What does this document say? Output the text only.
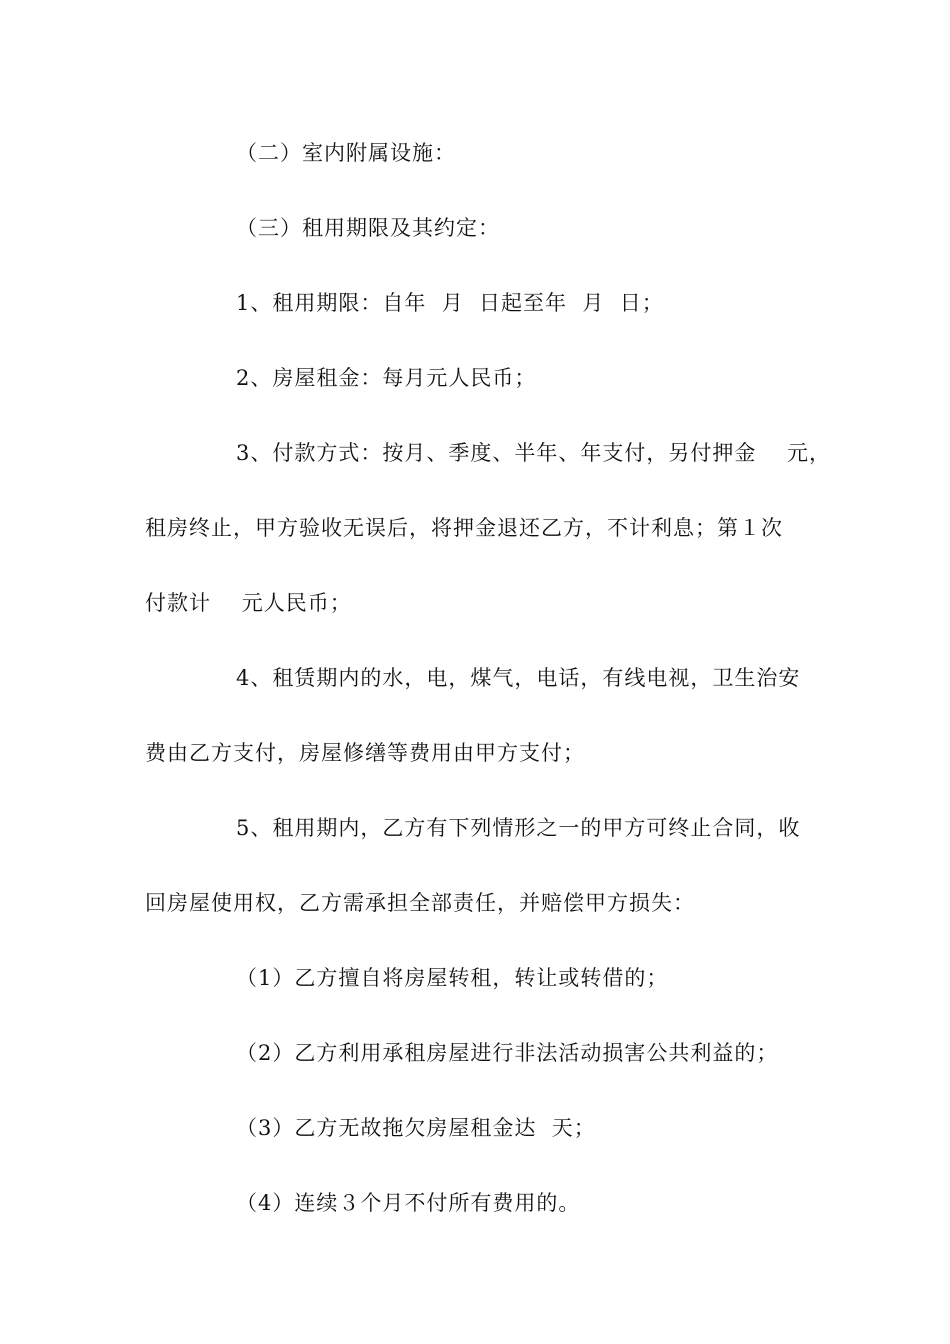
（二）室内附属设施：
（三）租用期限及其约定：
1、租用期限：自年  月  日起至年  月  日；
2、房屋租金：每月元人民币；
3、付款方式：按月、季度、半年、年支付，另付押金    元，
租房终止，甲方验收无误后，将押金退还乙方，不计利息；第１次
付款计    元人民币；
4、租赁期内的水，电，煤气，电话，有线电视，卫生治安
费由乙方支付，房屋修缮等费用由甲方支付；
5、租用期内，乙方有下列情形之一的甲方可终止合同，收
回房屋使用权，乙方需承担全部责任，并赔偿甲方损失：
（1）乙方擅自将房屋转租，转让或转借的；
（2）乙方利用承租房屋进行非法活动损害公共利益的；
（3）乙方无故拖欠房屋租金达  天；
（4）连续３个月不付所有费用的。
